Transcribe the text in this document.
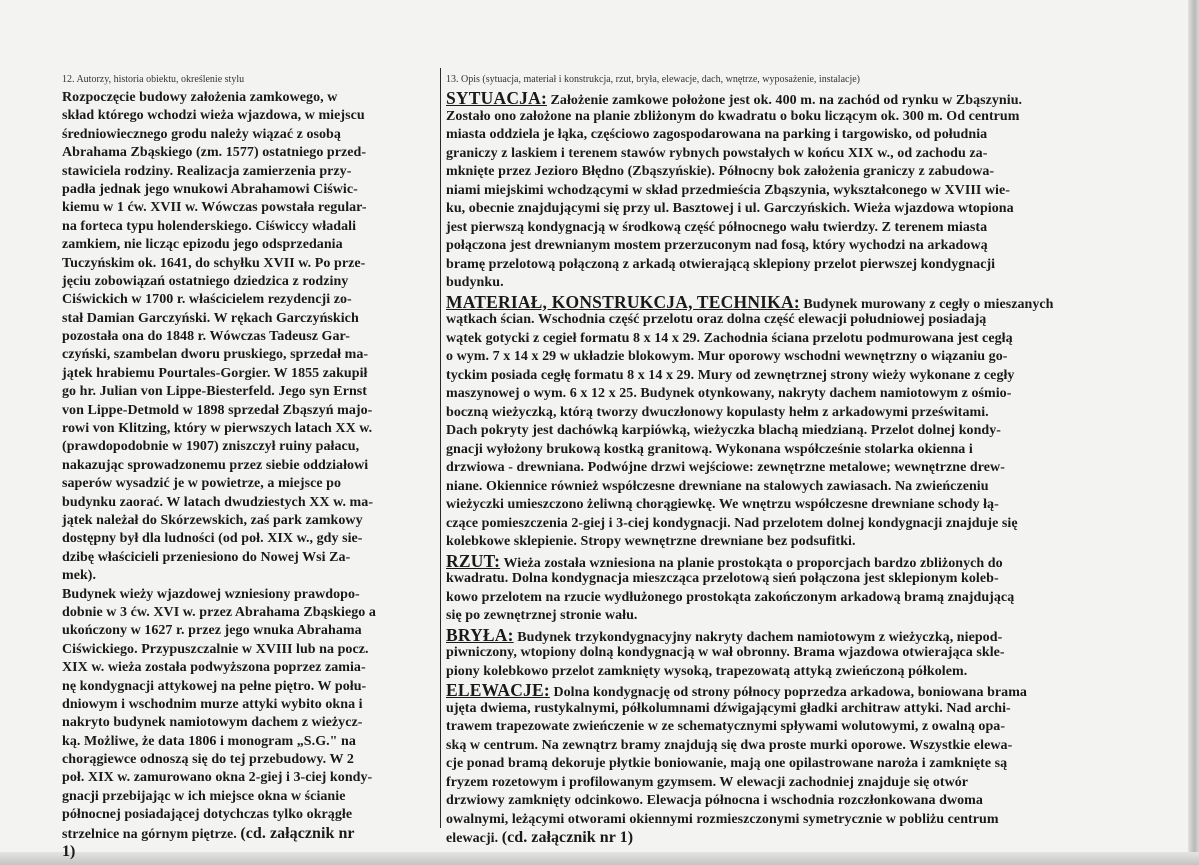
12. Autorzy, historia obiektu, określenie stylu
Rozpoczęcie budowy założenia zamkowego, w
skład którego wchodzi wieża wjazdowa, w miejscu
średniowiecznego grodu należy wiązać z osobą
Abrahama Zbąskiego (zm. 1577) ostatniego przed-
stawiciela rodziny. Realizacja zamierzenia przy-
padła jednak jego wnukowi Abrahamowi Ciświc-
kiemu w 1 ćw. XVII w. Wówczas powstała regular-
na forteca typu holenderskiego. Ciświccy władali
zamkiem, nie licząc epizodu jego odsprzedania
Tuczyńskim ok. 1641, do schyłku XVII w. Po prze-
jęciu zobowiązań ostatniego dziedzica z rodziny
Ciświckich w 1700 r. właścicielem rezydencji zo-
stał Damian Garczyński. W rękach Garczyńskich
pozostała ona do 1848 r. Wówczas Tadeusz Gar-
czyński, szambelan dworu pruskiego, sprzedał ma-
jątek hrabiemu Pourtales-Gorgier. W 1855 zakupił
go hr. Julian von Lippe-Biesterfeld. Jego syn Ernst
von Lippe-Detmold w 1898 sprzedał Zbąszyń majo-
rowi von Klitzing, który w pierwszych latach XX w.
(prawdopodobnie w 1907) zniszczył ruiny pałacu,
nakazując sprowadzonemu przez siebie oddziałowi
saperów wysadzić je w powietrze, a miejsce po
budynku zaorać. W latach dwudziestych XX w. ma-
jątek należał do Skórzewskich, zaś park zamkowy
dostępny był dla ludności (od poł. XIX w., gdy sie-
dzibę właścicieli przeniesiono do Nowej Wsi Za-
mek).
Budynek wieży wjazdowej wzniesiony prawdopo-
dobnie w 3 ćw. XVI w. przez Abrahama Zbąskiego a
ukończony w 1627 r. przez jego wnuka Abrahama
Ciświckiego. Przypuszczalnie w XVIII lub na pocz.
XIX w. wieża została podwyższona poprzez zamia-
nę kondygnacji attykowej na pełne piętro. W połu-
dniowym i wschodnim murze attyki wybito okna i
nakryto budynek namiotowym dachem z wieżycz-
ką. Możliwe, że data 1806 i monogram „S.G." na
chorągiewce odnoszą się do tej przebudowy. W 2
poł. XIX w. zamurowano okna 2-giej i 3-ciej kondy-
gnacji przebijając w ich miejsce okna w ścianie
północnej posiadającej dotychczas tylko okrągłe
strzelnice na górnym piętrze. (cd. załącznik nr
1)
13. Opis (sytuacja, materiał i konstrukcja, rzut, bryła, elewacje, dach, wnętrze, wyposażenie, instalacje)
SYTUACJA: Założenie zamkowe położone jest ok. 400 m. na zachód od rynku w Zbąszyniu.
Zostało ono założone na planie zbliżonym do kwadratu o boku liczącym ok. 300 m. Od centrum
miasta oddziela je łąka, częściowo zagospodarowana na parking i targowisko, od południa
graniczy z laskiem i terenem stawów rybnych powstałych w końcu XIX w., od zachodu za-
mknięte przez Jezioro Błędno (Zbąszyńskie). Północny bok założenia graniczy z zabudowa-
niami miejskimi wchodzącymi w skład przedmieścia Zbąszynia, wykształconego w XVIII wie-
ku, obecnie znajdującymi się przy ul. Basztowej i ul. Garczyńskich. Wieża wjazdowa wtopiona
jest pierwszą kondygnacją w środkową część północnego wału twierdzy. Z terenem miasta
połączona jest drewnianym mostem przerzuconym nad fosą, który wychodzi na arkadową
bramę przelotową połączoną z arkadą otwierającą sklepiony przelot pierwszej kondygnacji
budynku.
MATERIAŁ, KONSTRUKCJA, TECHNIKA: Budynek murowany z cegły o mieszanych
wątkach ścian. Wschodnia część przelotu oraz dolna część elewacji południowej posiadają
wątek gotycki z cegieł formatu 8 x 14 x 29. Zachodnia ściana przelotu podmurowana jest cegłą
o wym. 7 x 14 x 29 w układzie blokowym. Mur oporowy wschodni wewnętrzny o wiązaniu go-
tyckim posiada cegłę formatu 8 x 14 x 29. Mury od zewnętrznej strony wieży wykonane z cegły
maszynowej o wym. 6 x 12 x 25. Budynek otynkowany, nakryty dachem namiotowym z ośmio-
boczną wieżyczką, którą tworzy dwuczłonowy kopulasty hełm z arkadowymi prześwitami.
Dach pokryty jest dachówką karpiówką, wieżyczka blachą miedzianą. Przelot dolnej kondy-
gnacji wyłożony brukową kostką granitową. Wykonana współcześnie stolarka okienna i
drzwiowa - drewniana. Podwójne drzwi wejściowe: zewnętrzne metalowe; wewnętrzne drew-
niane. Okiennice również współczesne drewniane na stalowych zawiasach. Na zwieńczeniu
wieżyczki umieszczono żeliwną chorągiewkę. We wnętrzu współczesne drewniane schody łą-
czące pomieszczenia 2-giej i 3-ciej kondygnacji. Nad przelotem dolnej kondygnacji znajduje się
kolebkowe sklepienie. Stropy wewnętrzne drewniane bez podsufitki.
RZUT: Wieża została wzniesiona na planie prostokąta o proporcjach bardzo zbliżonych do
kwadratu. Dolna kondygnacja mieszcząca przelotową sień połączona jest sklepionym koleb-
kowo przelotem na rzucie wydłużonego prostokąta zakończonym arkadową bramą znajdującą
się po zewnętrznej stronie wału.
BRYŁA: Budynek trzykondygnacyjny nakryty dachem namiotowym z wieżyczką, niepod-
piwniczony, wtopiony dolną kondygnacją w wał obronny. Brama wjazdowa otwierająca skle-
piony kolebkowo przelot zamknięty wysoką, trapezowatą attyką zwieńczoną półkolem.
ELEWACJE: Dolna kondygnację od strony północy poprzedza arkadowa, boniowana brama
ujęta dwiema, rustykalnymi, półkolumnami dźwigającymi gładki architraw attyki. Nad archi-
trawem trapezowate zwieńczenie w ze schematycznymi spływami wolutowymi, z owalną opa-
ską w centrum. Na zewnątrz bramy znajdują się dwa proste murki oporowe. Wszystkie elewa-
cje ponad bramą dekoruje płytkie boniowanie, mają one opilastrowane naroża i zamknięte są
fryzem rozetowym i profilowanym gzymsem. W elewacji zachodniej znajduje się otwór
drzwiowy zamknięty odcinkowo. Elewacja północna i wschodnia rozczłonkowana dwoma
owalnymi, leżącymi otworami okiennymi rozmieszczonymi symetrycznie w pobliżu centrum
elewacji. (cd. załącznik nr 1)
